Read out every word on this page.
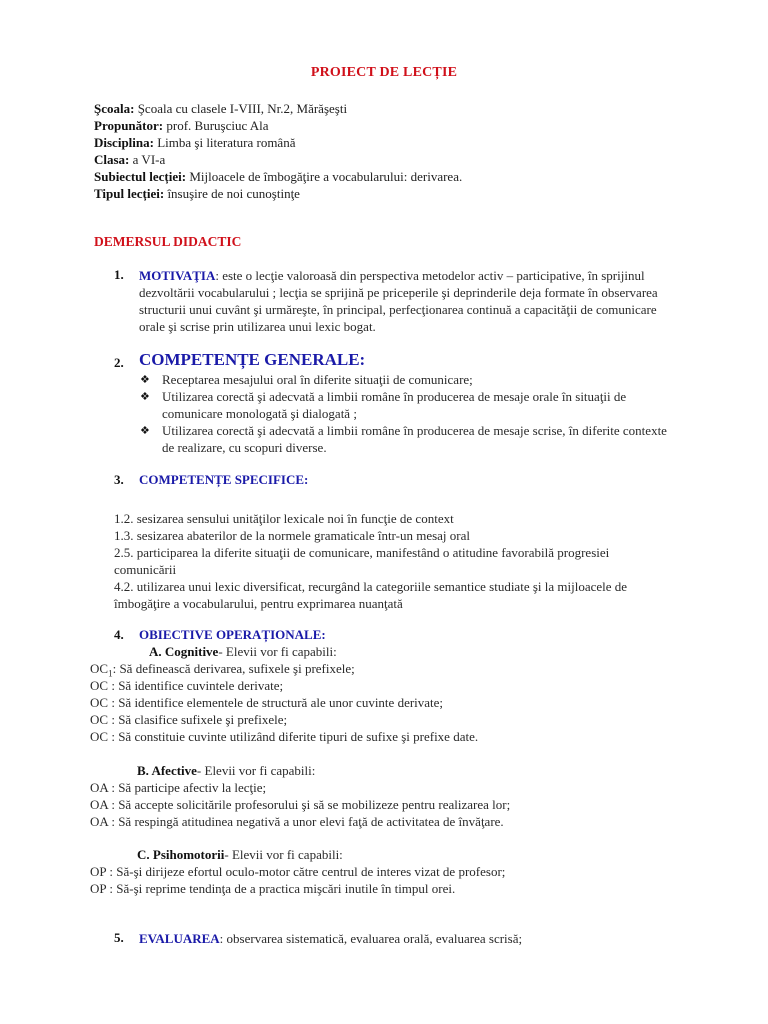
PROIECT DE LECȚIE
Şcoala: Şcoala cu clasele I-VIII, Nr.2, Mărăşeşti
Propunător: prof. Buruşciuc Ala
Disciplina: Limba şi literatura română
Clasa: a VI-a
Subiectul lecției: Mijloacele de îmbogăţire a vocabularului: derivarea.
Tipul lecției: însuşire de noi cunoştinţe
DEMERSUL DIDACTIC
1. MOTIVAŢIA: este o lecţie valoroasă din perspectiva metodelor activ – participative, în sprijinul dezvoltării vocabularului ; lecţia se sprijină pe priceperile şi deprinderile deja formate în observarea structurii unui cuvânt şi urmăreşte, în principal, perfecţionarea continuă a capacităţii de comunicare orale şi scrise prin utilizarea unui lexic bogat.
2. COMPETENȚE GENERALE:
❖ Receptarea mesajului oral în diferite situaţii de comunicare;
❖ Utilizarea corectă şi adecvată a limbii române în producerea de mesaje orale în situaţii de comunicare monologată şi dialogată ;
❖ Utilizarea corectă şi adecvată a limbii române în producerea de mesaje scrise, în diferite contexte de realizare, cu scopuri diverse.
3. COMPETENȚE SPECIFICE:
1.2. sesizarea sensului unităţilor lexicale noi în funcţie de context
1.3. sesizarea abaterilor de la normele gramaticale într-un mesaj oral
2.5. participarea la diferite situaţii de comunicare, manifestând o atitudine favorabilă progresiei comunicării
4.2. utilizarea unui lexic diversificat, recurgând la categoriile semantice studiate şi la mijloacele de îmbogăţire a vocabularului, pentru exprimarea nuanţată
4. OBIECTIVE OPERAȚIONALE:
A. Cognitive- Elevii vor fi capabili:
$OC_1$: Să definească derivarea, sufixele şi prefixele;
OC : Să identifice cuvintele derivate;
OC : Să identifice elementele de structură ale unor cuvinte derivate;
OC : Să clasifice sufixele şi prefixele;
OC : Să constituie cuvinte utilizând diferite tipuri de sufixe şi prefixe date.
B. Afective- Elevii vor fi capabili:
OA : Să participe afectiv la lecţie;
OA : Să accepte solicitările profesorului şi să se mobilizeze pentru realizarea lor;
OA : Să respingă atitudinea negativă a unor elevi faţă de activitatea de învăţare.
C. Psihomotorii- Elevii vor fi capabili:
OP : Să-şi dirijeze efortul oculo-motor către centrul de interes vizat de profesor;
OP : Să-şi reprime tendinţa de a practica mişcări inutile în timpul orei.
5. EVALUAREA: observarea sistematică, evaluarea orală, evaluarea scrisă;
